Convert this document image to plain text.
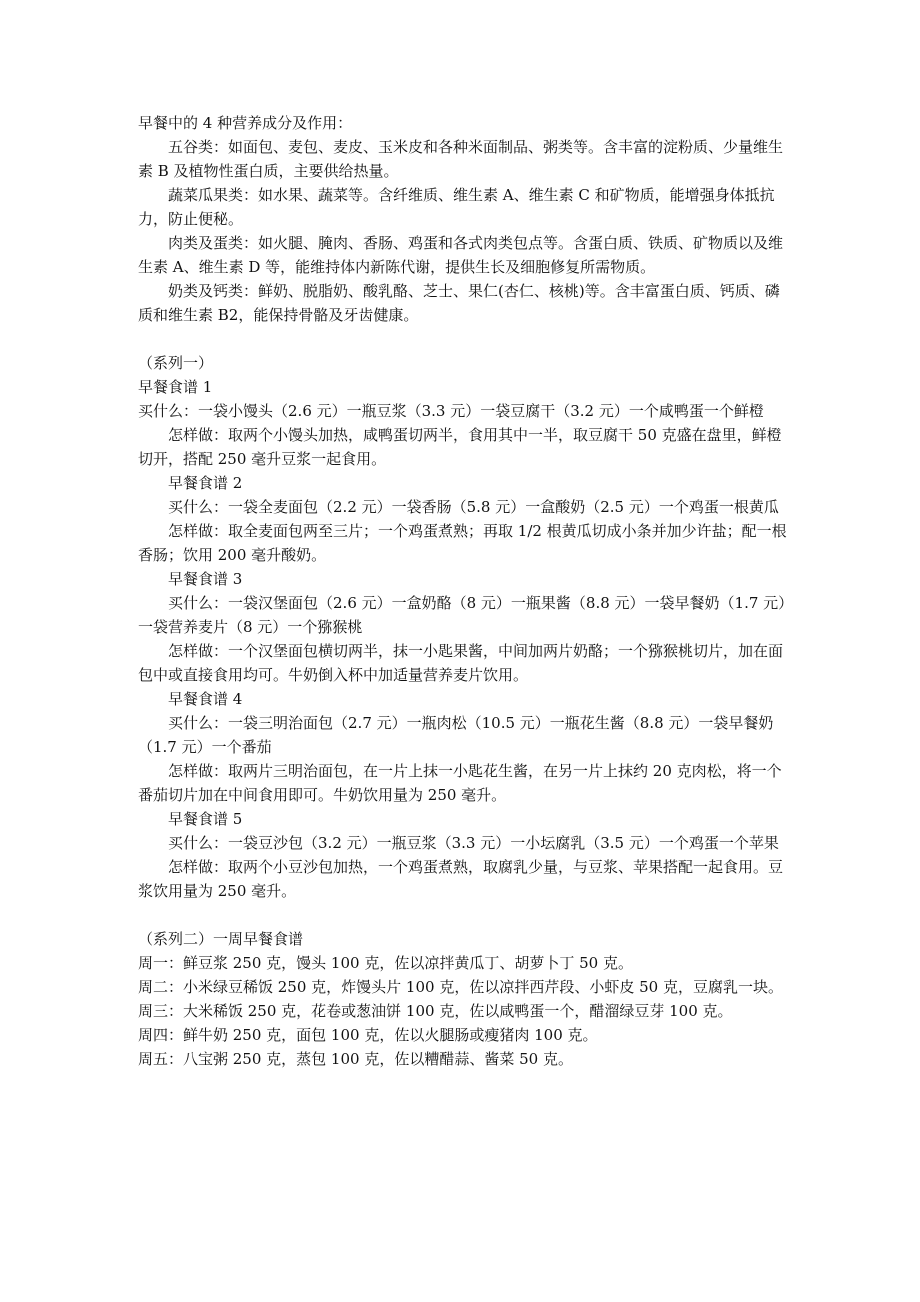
早餐中的 4 种营养成分及作用：

五谷类：如面包、麦包、麦皮、玉米皮和各种米面制品、粥类等。含丰富的淀粉质、少量维生素 B 及植物性蛋白质，主要供给热量。

蔬菜瓜果类：如水果、蔬菜等。含纤维质、维生素 A、维生素 C 和矿物质，能增强身体抵抗力，防止便秘。

肉类及蛋类：如火腿、腌肉、香肠、鸡蛋和各式肉类包点等。含蛋白质、铁质、矿物质以及维生素 A、维生素 D 等，能维持体内新陈代谢，提供生长及细胞修复所需物质。

奶类及钙类：鲜奶、脱脂奶、酸乳酪、芝士、果仁(杏仁、核桃)等。含丰富蛋白质、钙质、磷质和维生素 B2，能保持骨骼及牙齿健康。

（系列一）

早餐食谱 1

买什么：一袋小馒头（2.6 元）一瓶豆浆（3.3 元）一袋豆腐干（3.2 元）一个咸鸭蛋一个鲜橙

怎样做：取两个小馒头加热，咸鸭蛋切两半，食用其中一半，取豆腐干 50 克盛在盘里，鲜橙切开，搭配 250 毫升豆浆一起食用。

早餐食谱 2

买什么：一袋全麦面包（2.2 元）一袋香肠（5.8 元）一盒酸奶（2.5 元）一个鸡蛋一根黄瓜

怎样做：取全麦面包两至三片；一个鸡蛋煮熟；再取 1/2 根黄瓜切成小条并加少许盐；配一根香肠；饮用 200 毫升酸奶。

早餐食谱 3

买什么：一袋汉堡面包（2.6 元）一盒奶酪（8 元）一瓶果酱（8.8 元）一袋早餐奶（1.7 元）一袋营养麦片（8 元）一个猕猴桃

怎样做：一个汉堡面包横切两半，抹一小匙果酱，中间加两片奶酪；一个猕猴桃切片，加在面包中或直接食用均可。牛奶倒入杯中加适量营养麦片饮用。

早餐食谱 4

买什么：一袋三明治面包（2.7 元）一瓶肉松（10.5 元）一瓶花生酱（8.8 元）一袋早餐奶（1.7 元）一个番茄

怎样做：取两片三明治面包，在一片上抹一小匙花生酱，在另一片上抹约 20 克肉松，将一个番茄切片加在中间食用即可。牛奶饮用量为 250 毫升。

早餐食谱 5

买什么：一袋豆沙包（3.2 元）一瓶豆浆（3.3 元）一小坛腐乳（3.5 元）一个鸡蛋一个苹果

怎样做：取两个小豆沙包加热，一个鸡蛋煮熟，取腐乳少量，与豆浆、苹果搭配一起食用。豆浆饮用量为 250 毫升。

（系列二）一周早餐食谱

周一：鲜豆浆 250 克，馒头 100 克，佐以凉拌黄瓜丁、胡萝卜丁 50 克。

周二：小米绿豆稀饭 250 克，炸馒头片 100 克，佐以凉拌西芹段、小虾皮 50 克，豆腐乳一块。

周三：大米稀饭 250 克，花卷或葱油饼 100 克，佐以咸鸭蛋一个，醋溜绿豆芽 100 克。

周四：鲜牛奶 250 克，面包 100 克，佐以火腿肠或瘦猪肉 100 克。

周五：八宝粥 250 克，蒸包 100 克，佐以糟醋蒜、酱菜 50 克。
